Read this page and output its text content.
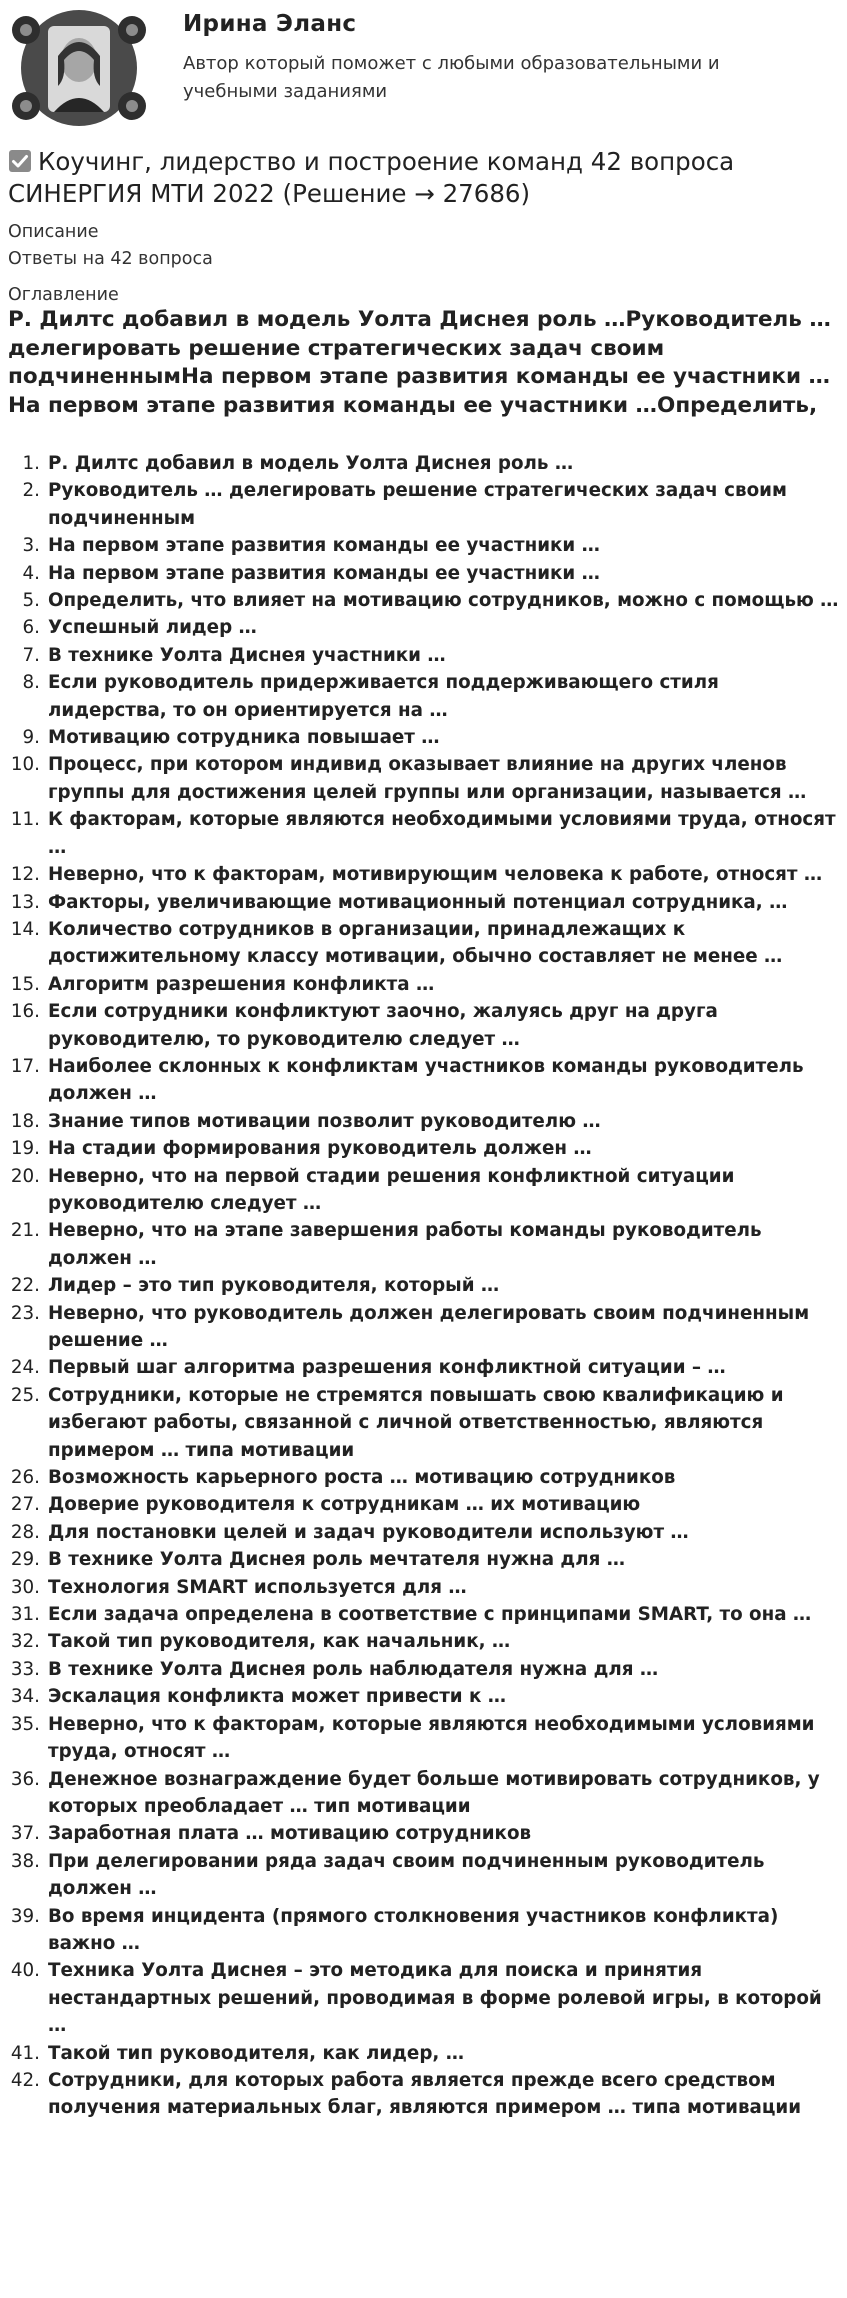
Ирина Эланс
Автор который поможет с любыми образовательными и учебными заданиями
Коучинг, лидерство и построение команд 42 вопроса СИНЕРГИЯ МТИ 2022 (Решение → 27686)
Описание
Ответы на 42 вопроса
Оглавление
Р. Дилтс добавил в модель Уолта Диснея роль …Руководитель … делегировать решение стратегических задач своим подчиненнымНа первом этапе развития команды ее участники …На первом этапе развития команды ее участники …Определить,
1. Р. Дилтс добавил в модель Уолта Диснея роль …
2. Руководитель … делегировать решение стратегических задач своим подчиненным
3. На первом этапе развития команды ее участники …
4. На первом этапе развития команды ее участники …
5. Определить, что влияет на мотивацию сотрудников, можно с помощью …
6. Успешный лидер …
7. В технике Уолта Диснея участники …
8. Если руководитель придерживается поддерживающего стиля лидерства, то он ориентируется на …
9. Мотивацию сотрудника повышает …
10. Процесс, при котором индивид оказывает влияние на других членов группы для достижения целей группы или организации, называется …
11. К факторам, которые являются необходимыми условиями труда, относят …
12. Неверно, что к факторам, мотивирующим человека к работе, относят …
13. Факторы, увеличивающие мотивационный потенциал сотрудника, …
14. Количество сотрудников в организации, принадлежащих к достижительному классу мотивации, обычно составляет не менее …
15. Алгоритм разрешения конфликта …
16. Если сотрудники конфликтуют заочно, жалуясь друг на друга руководителю, то руководителю следует …
17. Наиболее склонных к конфликтам участников команды руководитель должен …
18. Знание типов мотивации позволит руководителю …
19. На стадии формирования руководитель должен …
20. Неверно, что на первой стадии решения конфликтной ситуации руководителю следует …
21. Неверно, что на этапе завершения работы команды руководитель должен …
22. Лидер – это тип руководителя, который …
23. Неверно, что руководитель должен делегировать своим подчиненным решение …
24. Первый шаг алгоритма разрешения конфликтной ситуации – …
25. Сотрудники, которые не стремятся повышать свою квалификацию и избегают работы, связанной с личной ответственностью, являются примером … типа мотивации
26. Возможность карьерного роста … мотивацию сотрудников
27. Доверие руководителя к сотрудникам … их мотивацию
28. Для постановки целей и задач руководители используют …
29. В технике Уолта Диснея роль мечтателя нужна для …
30. Технология SMART используется для …
31. Если задача определена в соответствие с принципами SMART, то она …
32. Такой тип руководителя, как начальник, …
33. В технике Уолта Диснея роль наблюдателя нужна для …
34. Эскалация конфликта может привести к …
35. Неверно, что к факторам, которые являются необходимыми условиями труда, относят …
36. Денежное вознаграждение будет больше мотивировать сотрудников, у которых преобладает … тип мотивации
37. Заработная плата … мотивацию сотрудников
38. При делегировании ряда задач своим подчиненным руководитель должен …
39. Во время инцидента (прямого столкновения участников конфликта) важно …
40. Техника Уолта Диснея – это методика для поиска и принятия нестандартных решений, проводимая в форме ролевой игры, в которой …
41. Такой тип руководителя, как лидер, …
42. Сотрудники, для которых работа является прежде всего средством получения материальных благ, являются примером … типа мотивации
